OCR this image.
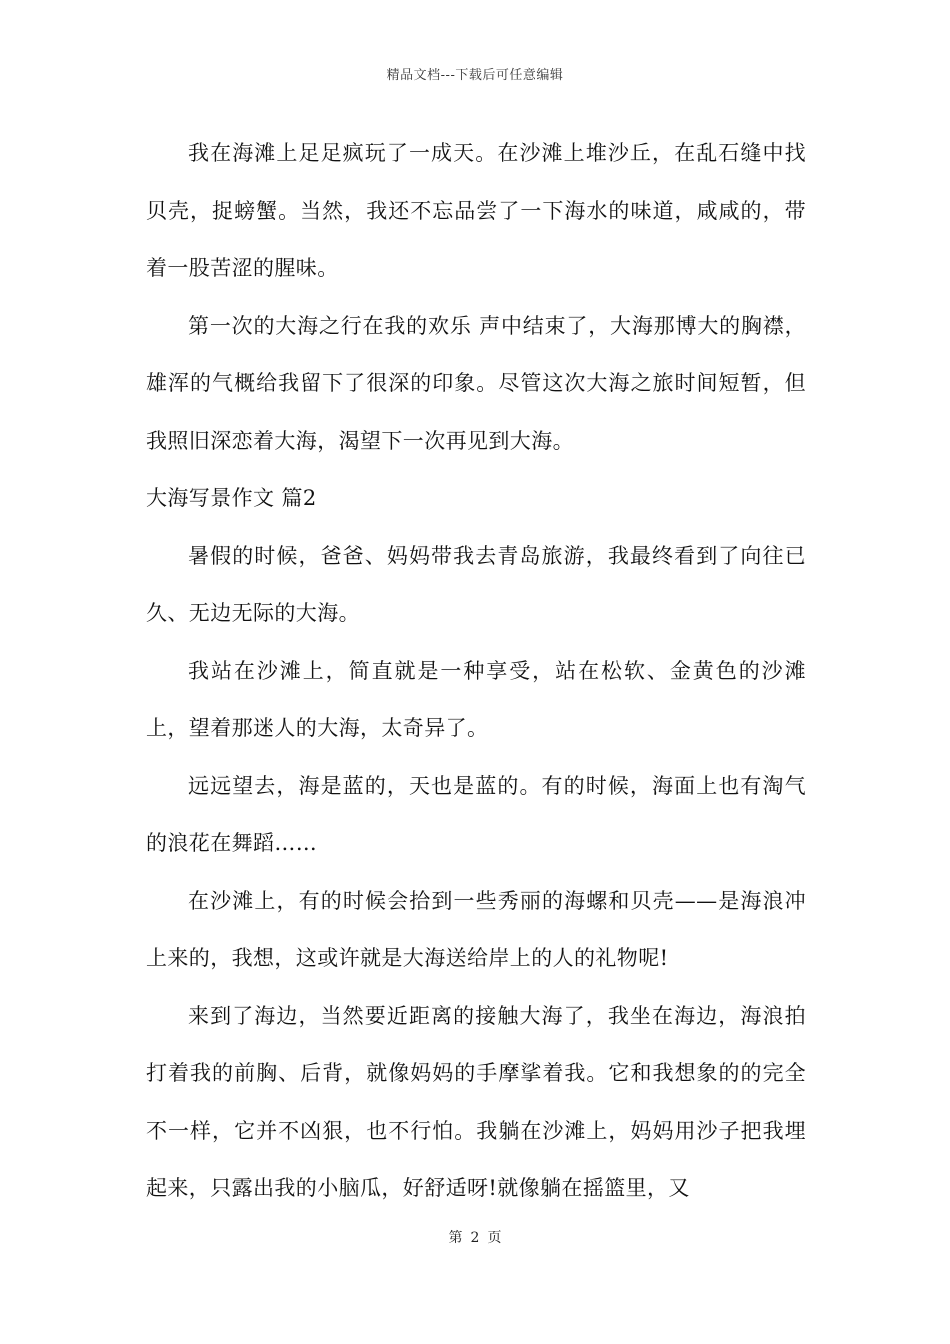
精品文档---下载后可任意编辑

我在海滩上足足疯玩了一成天。在沙滩上堆沙丘，在乱石缝中找贝壳，捉螃蟹。当然，我还不忘品尝了一下海水的味道，咸咸的，带着一股苦涩的腥味。

第一次的大海之行在我的欢乐 声中结束了，大海那博大的胸襟，雄浑的气概给我留下了很深的印象。尽管这次大海之旅时间短暂，但我照旧深恋着大海，渴望下一次再见到大海。

大海写景作文 篇2

暑假的时候，爸爸、妈妈带我去青岛旅游，我最终看到了向往已久、无边无际的大海。

我站在沙滩上，简直就是一种享受，站在松软、金黄色的沙滩上，望着那迷人的大海，太奇异了。

远远望去，海是蓝的，天也是蓝的。有的时候，海面上也有淘气的浪花在舞蹈……

在沙滩上，有的时候会拾到一些秀丽的海螺和贝壳——是海浪冲上来的，我想，这或许就是大海送给岸上的人的礼物呢!

来到了海边，当然要近距离的接触大海了，我坐在海边，海浪拍打着我的前胸、后背，就像妈妈的手摩挲着我。它和我想象的的完全不一样，它并不凶狠，也不行怕。我躺在沙滩上，妈妈用沙子把我埋起来，只露出我的小脑瓜，好舒适呀!就像躺在摇篮里，又

第 2 页
